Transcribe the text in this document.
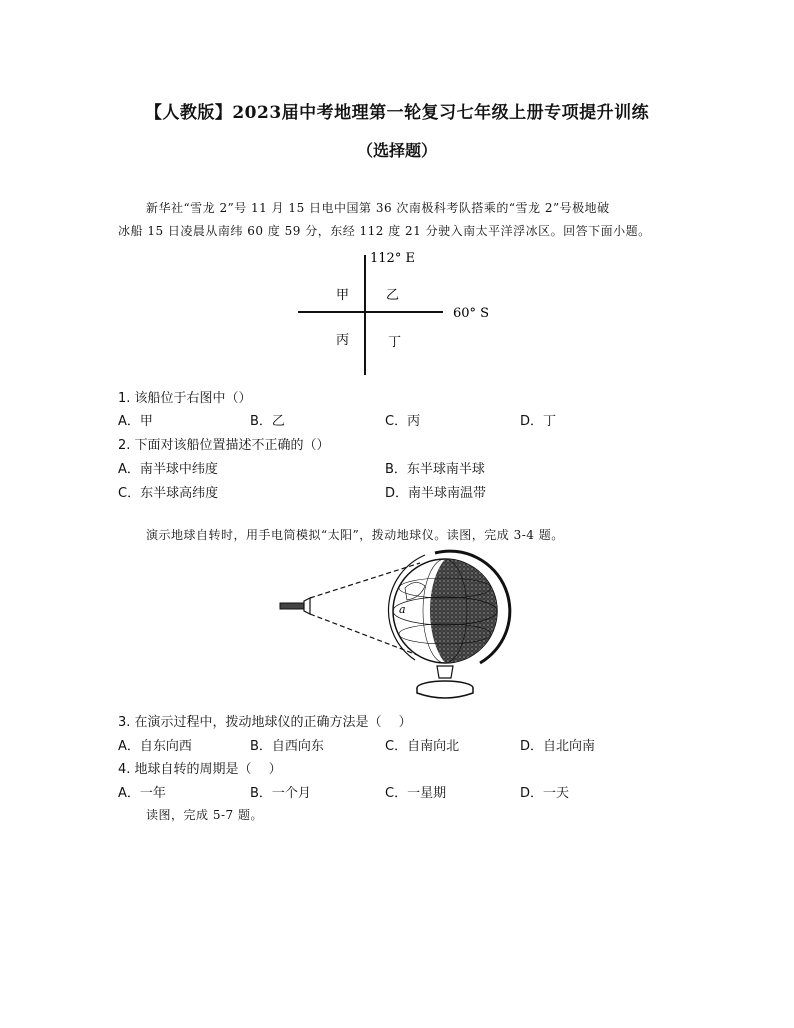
【人教版】2023届中考地理第一轮复习七年级上册专项提升训练
（选择题）
新华社“雪龙 2”号 11 月 15 日电中国第 36 次南极科考队搭乘的“雪龙 2”号极地破
冰船 15 日凌晨从南纬 60 度 59 分，东经 112 度 21 分驶入南太平洋浮冰区。回答下面小题。
112° E
60° S
甲	乙
丙	丁
1. 该船位于右图中（）
A．甲	B．乙	C．丙	D．丁
2. 下面对该船位置描述不正确的（）
A．南半球中纬度	B．东半球南半球
C．东半球高纬度	D．南半球南温带
演示地球自转时，用手电筒模拟“太阳”，拨动地球仪。读图，完成 3-4 题。
a
3. 在演示过程中，拨动地球仪的正确方法是（　 ）
A．自东向西	B．自西向东	C．自南向北	D．自北向南
4. 地球自转的周期是（　 ）
A．一年	B．一个月	C．一星期	D．一天
读图，完成 5-7 题。
